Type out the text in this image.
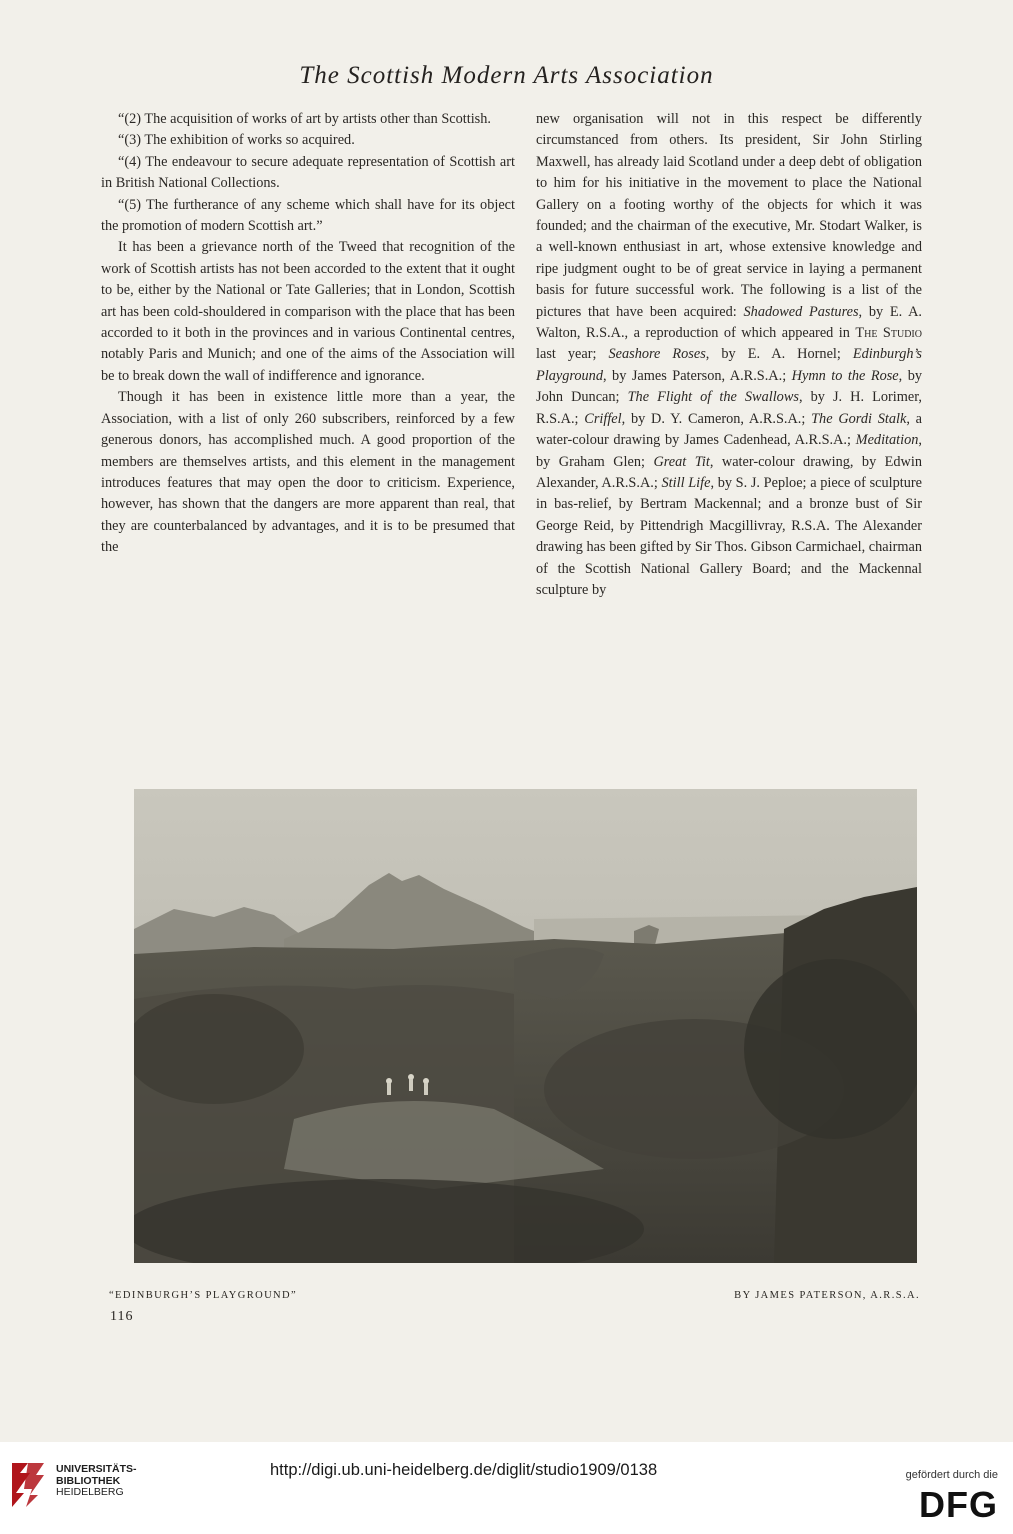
The Scottish Modern Arts Association

“(2) The acquisition of works of art by artists other than Scottish.

“(3) The exhibition of works so acquired.

“(4) The endeavour to secure adequate representation of Scottish art in British National Collections.

“(5) The furtherance of any scheme which shall have for its object the promotion of modern Scottish art.”

It has been a grievance north of the Tweed that recognition of the work of Scottish artists has not been accorded to the extent that it ought to be, either by the National or Tate Galleries; that in London, Scottish art has been cold-shouldered in comparison with the place that has been accorded to it both in the provinces and in various Continental centres, notably Paris and Munich; and one of the aims of the Association will be to break down the wall of indifference and ignorance.

Though it has been in existence little more than a year, the Association, with a list of only 260 subscribers, reinforced by a few generous donors, has accomplished much. A good proportion of the members are themselves artists, and this element in the management introduces features that may open the door to criticism. Experience, however, has shown that the dangers are more apparent than real, that they are counterbalanced by advantages, and it is to be presumed that the

new organisation will not in this respect be differently circumstanced from others. Its president, Sir John Stirling Maxwell, has already laid Scotland under a deep debt of obligation to him for his initiative in the movement to place the National Gallery on a footing worthy of the objects for which it was founded; and the chairman of the executive, Mr. Stodart Walker, is a well-known enthusiast in art, whose extensive knowledge and ripe judgment ought to be of great service in laying a permanent basis for future successful work. The following is a list of the pictures that have been acquired: Shadowed Pastures, by E. A. Walton, R.S.A., a reproduction of which appeared in The Studio last year; Seashore Roses, by E. A. Hornel; Edinburgh’s Playground, by James Paterson, A.R.S.A.; Hymn to the Rose, by John Duncan; The Flight of the Swallows, by J. H. Lorimer, R.S.A.; Criffel, by D. Y. Cameron, A.R.S.A.; The Gordi Stalk, a water-colour drawing by James Cadenhead, A.R.S.A.; Meditation, by Graham Glen; Great Tit, water-colour drawing, by Edwin Alexander, A.R.S.A.; Still Life, by S. J. Peploe; a piece of sculpture in bas-relief, by Bertram Mackennal; and a bronze bust of Sir George Reid, by Pittendrigh Macgillivray, R.S.A. The Alexander drawing has been gifted by Sir Thos. Gibson Carmichael, chairman of the Scottish National Gallery Board; and the Mackennal sculpture by

“EDINBURGH’S PLAYGROUND”	BY JAMES PATERSON, A.R.S.A.
116
UNIVERSITÄTS-
BIBLIOTHEK
HEIDELBERG
http://digi.ub.uni-heidelberg.de/diglit/studio1909/0138	gefördert durch die
DFG
